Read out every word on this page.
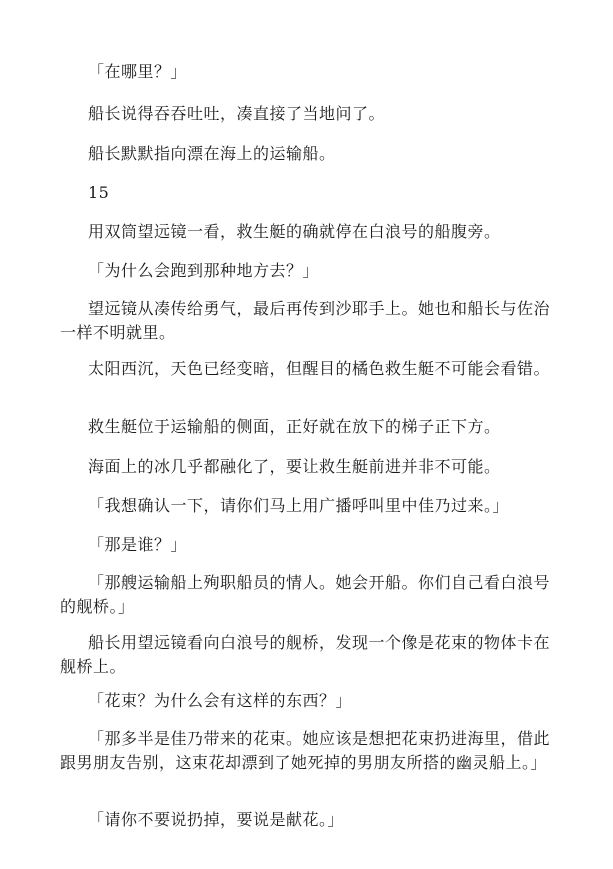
「在哪里？」

船长说得吞吞吐吐，凑直接了当地问了。

船长默默指向漂在海上的运输船。

15

用双筒望远镜一看，救生艇的确就停在白浪号的船腹旁。

「为什么会跑到那种地方去？」

望远镜从凑传给勇气，最后再传到沙耶手上。她也和船长与佐治一样不明就里。

太阳西沉，天色已经变暗，但醒目的橘色救生艇不可能会看错。

救生艇位于运输船的侧面，正好就在放下的梯子正下方。

海面上的冰几乎都融化了，要让救生艇前进并非不可能。

「我想确认一下，请你们马上用广播呼叫里中佳乃过来。」

「那是谁？」

「那艘运输船上殉职船员的情人。她会开船。你们自己看白浪号的舰桥。」

船长用望远镜看向白浪号的舰桥，发现一个像是花束的物体卡在舰桥上。

「花束？为什么会有这样的东西？」

「那多半是佳乃带来的花束。她应该是想把花束扔进海里，借此跟男朋友告别，这束花却漂到了她死掉的男朋友所搭的幽灵船上。」

「请你不要说扔掉，要说是献花。」
